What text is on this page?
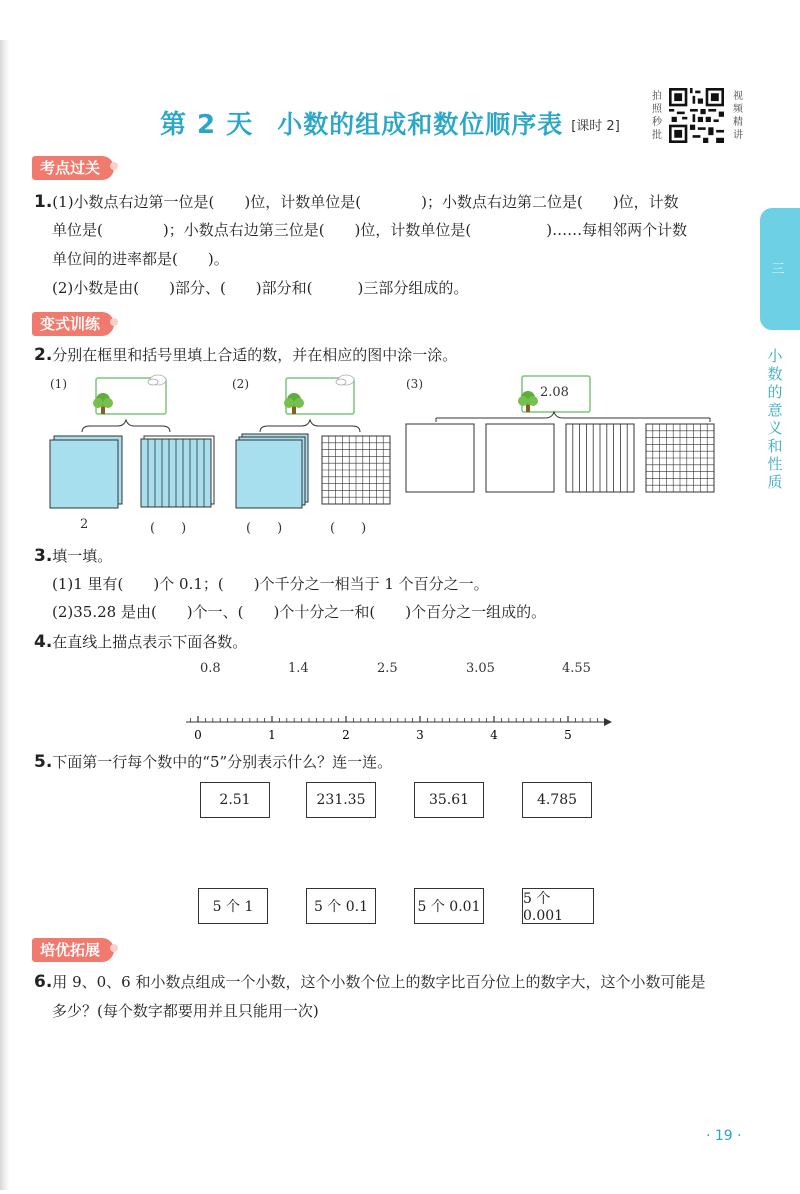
第 2 天 小数的组成和数位顺序表 [课时 2]
拍照秒批
视频精讲
三
小数的意义和性质
考点过关
1.(1)小数点右边第一位是(　　)位，计数单位是(　　　　)；小数点右边第二位是(　　)位，计数
单位是(　　　　)；小数点右边第三位是(　　)位，计数单位是(　　　　　)……每相邻两个计数
单位间的进率都是(　　)。
(2)小数是由(　　)部分、(　　)部分和(　　　)三部分组成的。
变式训练
2.分别在框里和括号里填上合适的数，并在相应的图中涂一涂。
(1)	(2)	(3)
2.08
2	(　　)	(　　)	(　　)
3.填一填。
(1)1 里有(　　)个 0.1；(　　)个千分之一相当于 1 个百分之一。
(2)35.28 是由(　　)个一、(　　)个十分之一和(　　)个百分之一组成的。
4.在直线上描点表示下面各数。
0.8	1.4	2.5	3.05	4.55
0	1	2	3	4	5
5.下面第一行每个数中的“5”分别表示什么？连一连。
2.51	231.35	35.61	4.785
5 个 1	5 个 0.1	5 个 0.01	5 个 0.001
培优拓展
6.用 9、0、6 和小数点组成一个小数，这个小数个位上的数字比百分位上的数字大，这个小数可能是
多少？(每个数字都要用并且只能用一次)
· 19 ·
